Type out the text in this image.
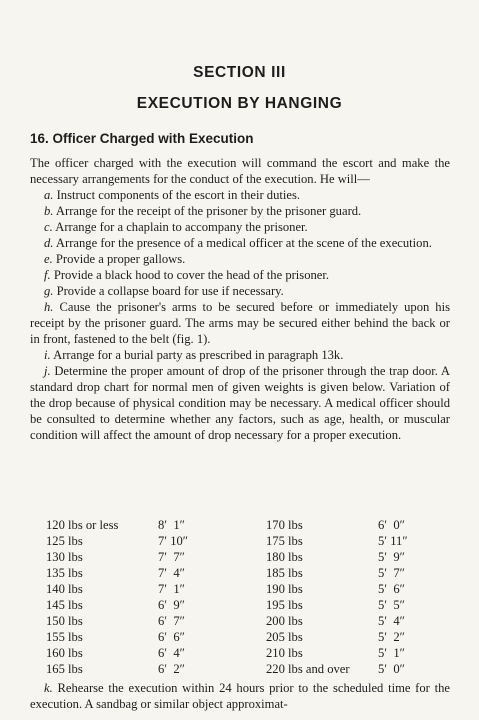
SECTION III
EXECUTION BY HANGING
16. Officer Charged with Execution

The officer charged with the execution will command the escort and make the necessary arrangements for the conduct of the execution. He will—

a. Instruct components of the escort in their duties.

b. Arrange for the receipt of the prisoner by the prisoner guard.

c. Arrange for a chaplain to accompany the prisoner.

d. Arrange for the presence of a medical officer at the scene of the execution.

e. Provide a proper gallows.

f. Provide a black hood to cover the head of the prisoner.

g. Provide a collapse board for use if necessary.

h. Cause the prisoner's arms to be secured before or immediately upon his receipt by the prisoner guard. The arms may be secured either behind the back or in front, fastened to the belt (fig. 1).

i. Arrange for a burial party as prescribed in paragraph 13k.

j. Determine the proper amount of drop of the prisoner through the trap door. A standard drop chart for normal men of given weights is given below. Variation of the drop because of physical condition may be necessary. A medical officer should be consulted to determine whether any factors, such as age, health, or muscular condition will affect the amount of drop necessary for a proper execution.

120 lbs or less	8′  1″	170 lbs	6′  0″
125 lbs	7′ 10″	175 lbs	5′ 11″
130 lbs	7′  7″	180 lbs	5′  9″
135 lbs	7′  4″	185 lbs	5′  7″
140 lbs	7′  1″	190 lbs	5′  6″
145 lbs	6′  9″	195 lbs	5′  5″
150 lbs	6′  7″	200 lbs	5′  4″
155 lbs	6′  6″	205 lbs	5′  2″
160 lbs	6′  4″	210 lbs	5′  1″
165 lbs	6′  2″	220 lbs and over	5′  0″

k. Rehearse the execution within 24 hours prior to the scheduled time for the execution. A sandbag or similar object approximat-
